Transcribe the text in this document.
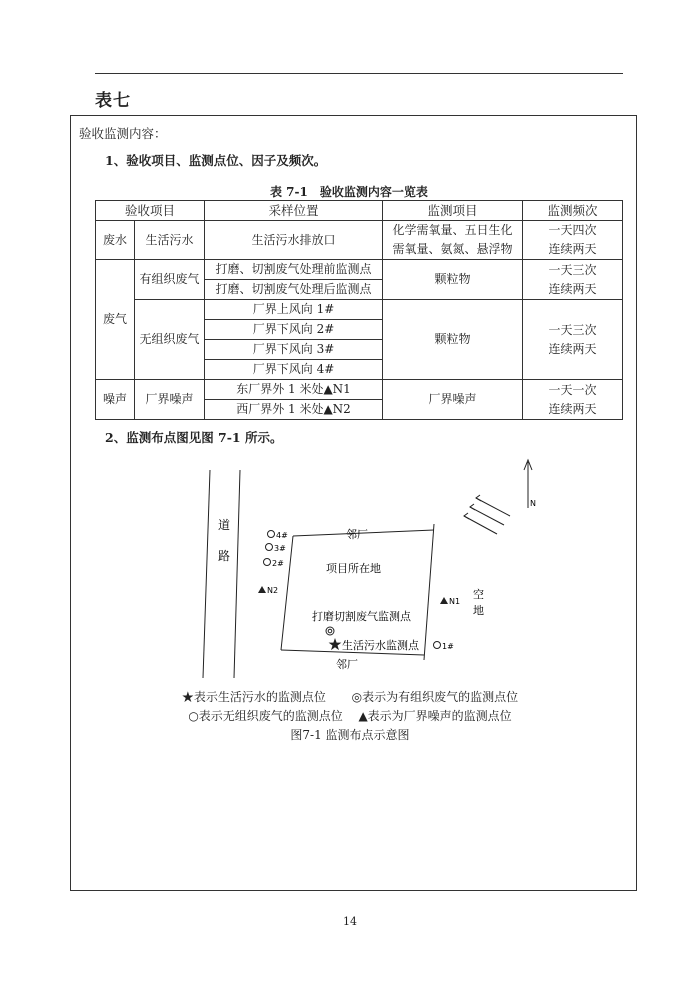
表七
验收监测内容：
1、验收项目、监测点位、因子及频次。
表 7-1　验收监测内容一览表
验收项目		采样位置	监测项目	监测频次
废水	生活污水	生活污水排放口	化学需氧量、五日生化
需氧量、氨氮、悬浮物	一天四次
连续两天
废气	有组织废气	打磨、切割废气处理前监测点	颗粒物	一天三次
连续两天
		打磨、切割废气处理后监测点		
	无组织废气	厂界上风向 1#	颗粒物	一天三次
连续两天
		厂界下风向 2#		
		厂界下风向 3#		
		厂界下风向 4#		
噪声	厂界噪声	东厂界外 1 米处▲N1	厂界噪声	一天一次
连续两天
		西厂界外 1 米处▲N2		
2、监测布点图见图 7-1 所示。
N
道
路
邻厂
邻厂
项目所在地
空
地
4#
3#
2#
1#
N2
N1
打磨切割废气监测点
生活污水监测点
★表示生活污水的监测点位 ◎表示为有组织废气的监测点位
○表示无组织废气的监测点位 ▲表示为厂界噪声的监测点位
图7-1 监测布点示意图
14
